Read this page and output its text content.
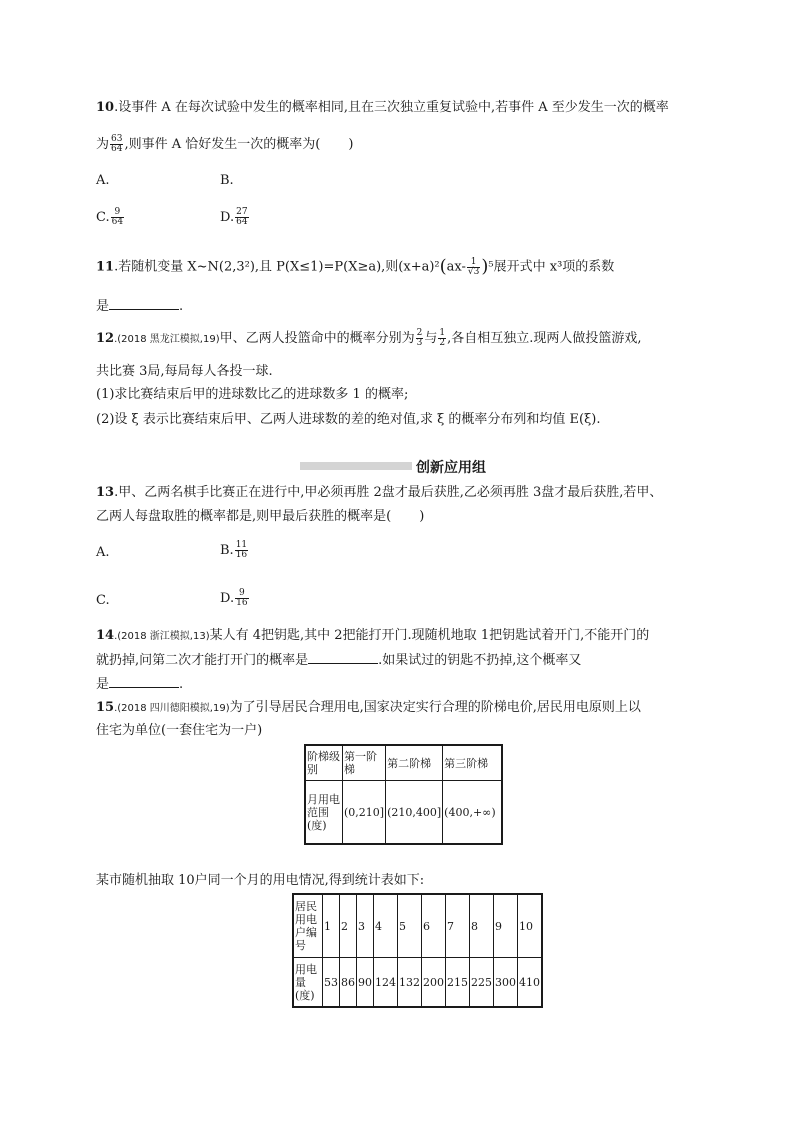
10.设事件 A 在每次试验中发生的概率相同,且在三次独立重复试验中,若事件 A 至少发生一次的概率
为 $\frac{63}{64}$ ,则事件 A 恰好发生一次的概率为( )
A.	B.
C. $\frac{9}{64}$	D. $\frac{27}{64}$
11.若随机变量 X~N(2,3²),且 P(X≤1)=P(X≥a),则$(x+a)^2(ax- \frac{1}{√3} )^5$展开式中 x³项的系数
是	.
12.(2018 黑龙江模拟,19)甲、乙两人投篮命中的概率分别为 $\frac{2}{3}$ 与 $\frac{1}{2}$ ,各自相互独立.现两人做投篮游戏,
共比赛 3局,每局每人各投一球.
(1)求比赛结束后甲的进球数比乙的进球数多 1 的概率;
(2)设 ξ 表示比赛结束后甲、乙两人进球数的差的绝对值,求 ξ 的概率分布列和均值 E(ξ).
创新应用组
13.甲、乙两名棋手比赛正在进行中,甲必须再胜 2盘才最后获胜,乙必须再胜 3盘才最后获胜,若甲、
乙两人每盘取胜的概率都是,则甲最后获胜的概率是( )
A.	B. $\frac{11}{16}$
C.	D. $\frac{9}{16}$
14.(2018 浙江模拟,13)某人有 4把钥匙,其中 2把能打开门.现随机地取 1把钥匙试着开门,不能开门的
就扔掉,问第二次才能打开门的概率是	.如果试过的钥匙不扔掉,这个概率又
是	.
15.(2018 四川德阳模拟,19)为了引导居民合理用电,国家决定实行合理的阶梯电价,居民用电原则上以
住宅为单位(一套住宅为一户)
阶梯级别	第一阶梯	第二阶梯	第三阶梯
月用电范围(度)	(0,210]	(210,400]	(400,+∞)
某市随机抽取 10户同一个月的用电情况,得到统计表如下:
居民用电户编号	1	2	3	4	5	6	7	8	9	10
用电量(度)	53	86	90	124	132	200	215	225	300	410
